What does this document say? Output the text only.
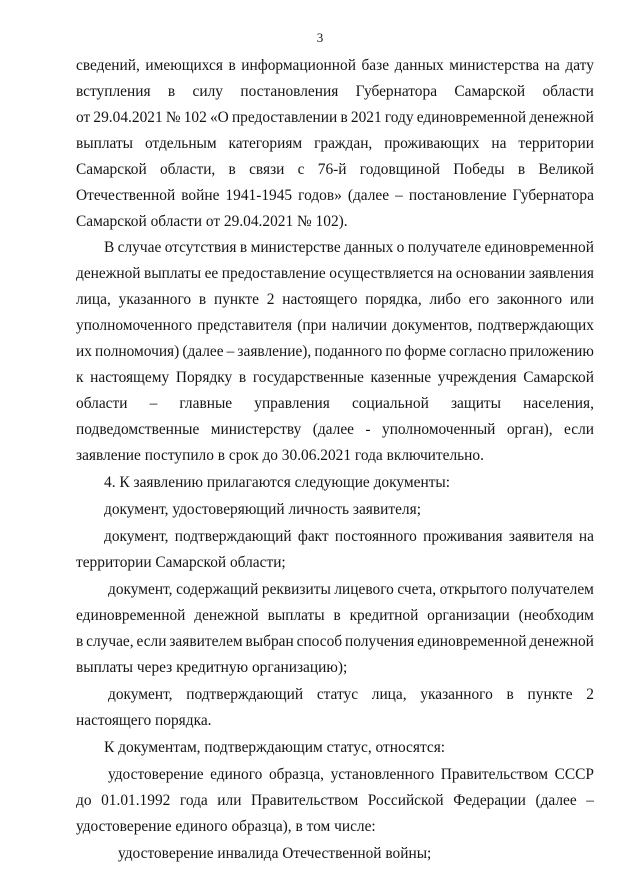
3
сведений, имеющихся в информационной базе данных министерства на дату
вступления в силу постановления Губернатора Самарской области
от 29.04.2021 № 102 «О предоставлении в 2021 году единовременной денежной
выплаты отдельным категориям граждан, проживающих на территории
Самарской области, в связи с 76-й годовщиной Победы в Великой
Отечественной войне 1941-1945 годов» (далее – постановление Губернатора
Самарской области от 29.04.2021 № 102).
В случае отсутствия в министерстве данных о получателе единовременной
денежной выплаты ее предоставление осуществляется на основании заявления
лица, указанного в пункте 2 настоящего порядка, либо его законного или
уполномоченного представителя (при наличии документов, подтверждающих
их полномочия) (далее – заявление), поданного по форме согласно приложению
к настоящему Порядку в государственные казенные учреждения Самарской
области – главные управления социальной защиты населения,
подведомственные министерству (далее - уполномоченный орган), если
заявление поступило в срок до 30.06.2021 года включительно.
4. К заявлению прилагаются следующие документы:
документ, удостоверяющий личность заявителя;
документ, подтверждающий факт постоянного проживания заявителя на
территории Самарской области;
документ, содержащий реквизиты лицевого счета, открытого получателем
единовременной денежной выплаты в кредитной организации (необходим
в случае, если заявителем выбран способ получения единовременной денежной
выплаты через кредитную организацию);
документ, подтверждающий статус лица, указанного в пункте 2
настоящего порядка.
К документам, подтверждающим статус, относятся:
удостоверение единого образца, установленного Правительством СССР
до 01.01.1992 года или Правительством Российской Федерации (далее –
удостоверение единого образца), в том числе:
удостоверение инвалида Отечественной войны;
